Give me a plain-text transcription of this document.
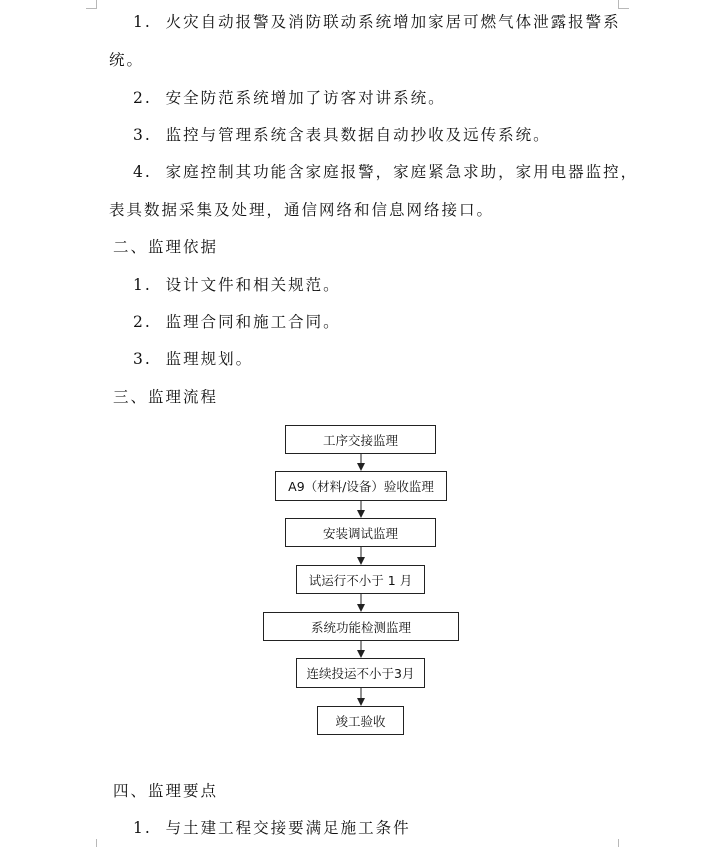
1. 火灾自动报警及消防联动系统增加家居可燃气体泄露报警系
统。
2. 安全防范系统增加了访客对讲系统。
3. 监控与管理系统含表具数据自动抄收及远传系统。
4. 家庭控制其功能含家庭报警，家庭紧急求助，家用电器监控，
表具数据采集及处理，通信网络和信息网络接口。
二、监理依据
1. 设计文件和相关规范。
2. 监理合同和施工合同。
3. 监理规划。
三、监理流程
工序交接监理
A9（材料/设备）验收监理
安装调试监理
试运行不小于 1 月
系统功能检测监理
连续投运不小于3月
竣工验收
四、监理要点
1. 与土建工程交接要满足施工条件
